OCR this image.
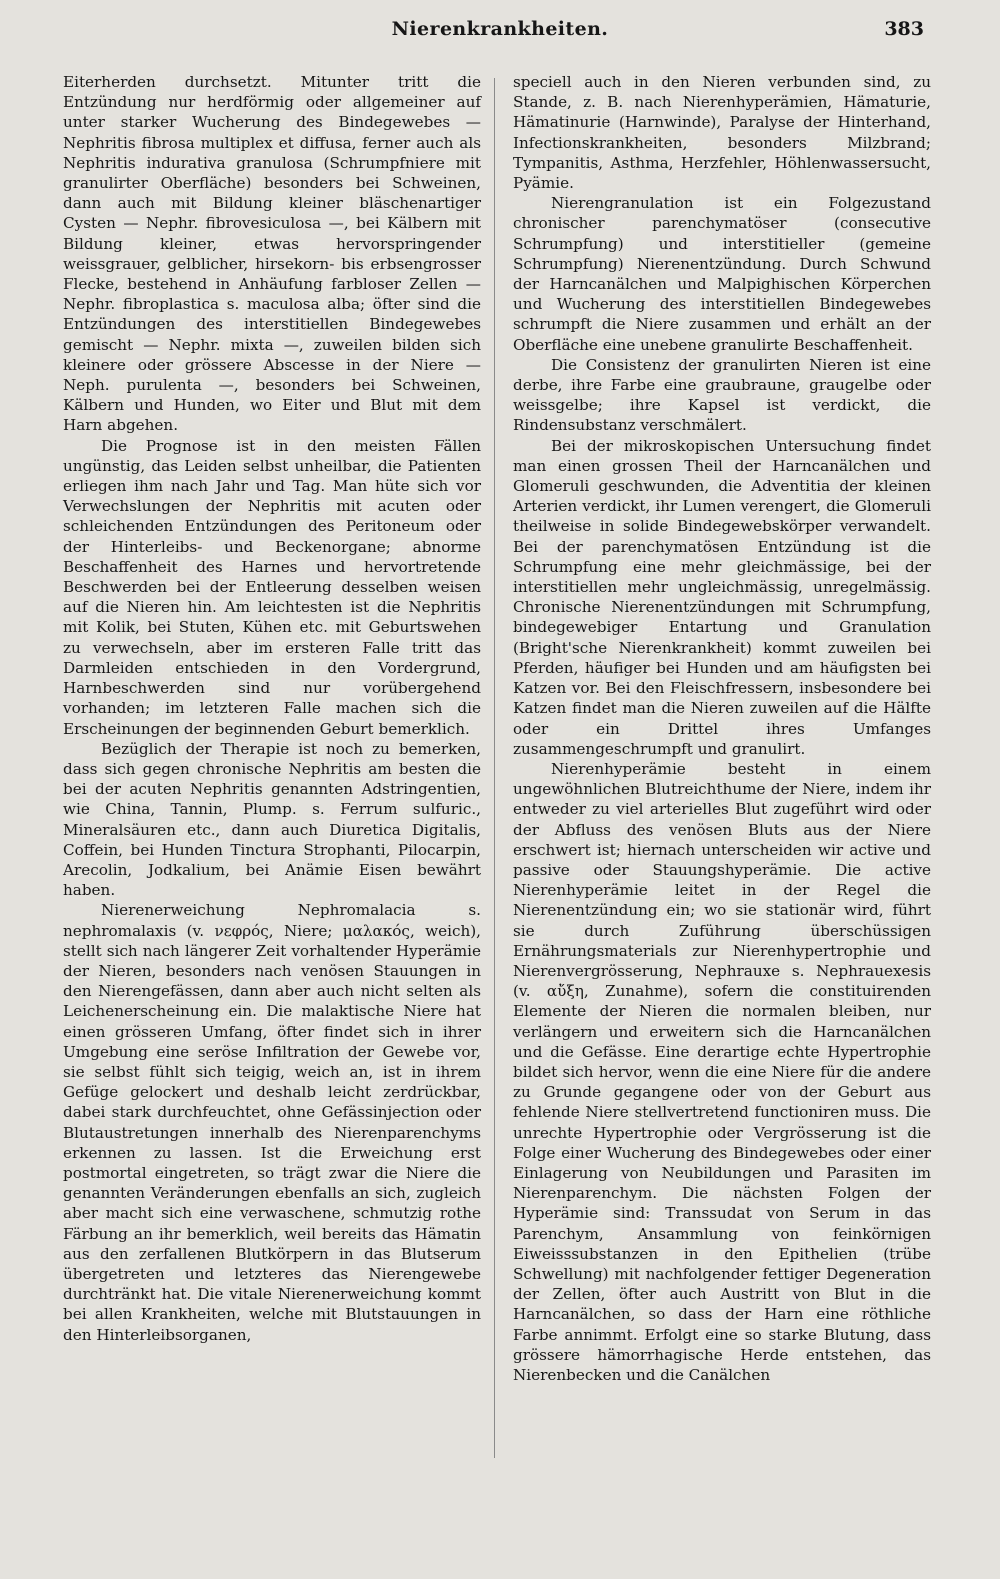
Nierenkrankheiten.	383

Eiterherden durchsetzt. Mitunter tritt die Entzündung nur herdförmig oder allgemeiner auf unter starker Wucherung des Bindegewebes — Nephritis fibrosa multiplex et diffusa, ferner auch als Nephritis indurativa granulosa (Schrumpfniere mit granulirter Oberfläche) besonders bei Schweinen, dann auch mit Bildung kleiner bläschenartiger Cysten — Nephr. fibrovesiculosa —, bei Kälbern mit Bildung kleiner, etwas hervorspringender weissgrauer, gelblicher, hirsekorn- bis erbsengrosser Flecke, bestehend in Anhäufung farbloser Zellen — Nephr. fibroplastica s. maculosa alba; öfter sind die Entzündungen des interstitiellen Bindegewebes gemischt — Nephr. mixta —, zuweilen bilden sich kleinere oder grössere Abscesse in der Niere — Neph. purulenta —, besonders bei Schweinen, Kälbern und Hunden, wo Eiter und Blut mit dem Harn abgehen.

Die Prognose ist in den meisten Fällen ungünstig, das Leiden selbst unheilbar, die Patienten erliegen ihm nach Jahr und Tag. Man hüte sich vor Verwechslungen der Nephritis mit acuten oder schleichenden Entzündungen des Peritoneum oder der Hinterleibs- und Beckenorgane; abnorme Beschaffenheit des Harnes und hervortretende Beschwerden bei der Entleerung desselben weisen auf die Nieren hin. Am leichtesten ist die Nephritis mit Kolik, bei Stuten, Kühen etc. mit Geburtswehen zu verwechseln, aber im ersteren Falle tritt das Darmleiden entschieden in den Vordergrund, Harnbeschwerden sind nur vorübergehend vorhanden; im letzteren Falle machen sich die Erscheinungen der beginnenden Geburt bemerklich.

Bezüglich der Therapie ist noch zu bemerken, dass sich gegen chronische Nephritis am besten die bei der acuten Nephritis genannten Adstringentien, wie China, Tannin, Plump. s. Ferrum sulfuric., Mineralsäuren etc., dann auch Diuretica Digitalis, Coffein, bei Hunden Tinctura Strophanti, Pilocarpin, Arecolin, Jodkalium, bei Anämie Eisen bewährt haben.

Nierenerweichung Nephromalacia s. nephromalaxis (v. νεφρός, Niere; μαλακός, weich), stellt sich nach längerer Zeit vorhaltender Hyperämie der Nieren, besonders nach venösen Stauungen in den Nierengefässen, dann aber auch nicht selten als Leichenerscheinung ein. Die malaktische Niere hat einen grösseren Umfang, öfter findet sich in ihrer Umgebung eine seröse Infiltration der Gewebe vor, sie selbst fühlt sich teigig, weich an, ist in ihrem Gefüge gelockert und deshalb leicht zerdrückbar, dabei stark durchfeuchtet, ohne Gefässinjection oder Blutaustretungen innerhalb des Nierenparenchyms erkennen zu lassen. Ist die Erweichung erst postmortal eingetreten, so trägt zwar die Niere die genannten Veränderungen ebenfalls an sich, zugleich aber macht sich eine verwaschene, schmutzig rothe Färbung an ihr bemerklich, weil bereits das Hämatin aus den zerfallenen Blutkörpern in das Blutserum übergetreten und letzteres das Nierengewebe durchtränkt hat. Die vitale Nierenerweichung kommt bei allen Krankheiten, welche mit Blutstauungen in den Hinterleibsorganen,

speciell auch in den Nieren verbunden sind, zu Stande, z. B. nach Nierenhyperämien, Hämaturie, Hämatinurie (Harnwinde), Paralyse der Hinterhand, Infectionskrankheiten, besonders Milzbrand; Tympanitis, Asthma, Herzfehler, Höhlenwassersucht, Pyämie.

Nierengranulation ist ein Folgezustand chronischer parenchymatöser (consecutive Schrumpfung) und interstitieller (gemeine Schrumpfung) Nierenentzündung. Durch Schwund der Harncanälchen und Malpighischen Körperchen und Wucherung des interstitiellen Bindegewebes schrumpft die Niere zusammen und erhält an der Oberfläche eine unebene granulirte Beschaffenheit.

Die Consistenz der granulirten Nieren ist eine derbe, ihre Farbe eine graubraune, graugelbe oder weissgelbe; ihre Kapsel ist verdickt, die Rindensubstanz verschmälert.

Bei der mikroskopischen Untersuchung findet man einen grossen Theil der Harncanälchen und Glomeruli geschwunden, die Adventitia der kleinen Arterien verdickt, ihr Lumen verengert, die Glomeruli theilweise in solide Bindegewebskörper verwandelt. Bei der parenchymatösen Entzündung ist die Schrumpfung eine mehr gleichmässige, bei der interstitiellen mehr ungleichmässig, unregelmässig. Chronische Nierenentzündungen mit Schrumpfung, bindegewebiger Entartung und Granulation (Bright'sche Nierenkrankheit) kommt zuweilen bei Pferden, häufiger bei Hunden und am häufigsten bei Katzen vor. Bei den Fleischfressern, insbesondere bei Katzen findet man die Nieren zuweilen auf die Hälfte oder ein Drittel ihres Umfanges zusammengeschrumpft und granulirt.

Nierenhyperämie besteht in einem ungewöhnlichen Blutreichthume der Niere, indem ihr entweder zu viel arterielles Blut zugeführt wird oder der Abfluss des venösen Bluts aus der Niere erschwert ist; hiernach unterscheiden wir active und passive oder Stauungshyperämie. Die active Nierenhyperämie leitet in der Regel die Nierenentzündung ein; wo sie stationär wird, führt sie durch Zuführung überschüssigen Ernährungsmaterials zur Nierenhypertrophie und Nierenvergrösserung, Nephrauxe s. Nephrauexesis (v. αὔξη, Zunahme), sofern die constituirenden Elemente der Nieren die normalen bleiben, nur verlängern und erweitern sich die Harncanälchen und die Gefässe. Eine derartige echte Hypertrophie bildet sich hervor, wenn die eine Niere für die andere zu Grunde gegangene oder von der Geburt aus fehlende Niere stellvertretend functioniren muss. Die unrechte Hypertrophie oder Vergrösserung ist die Folge einer Wucherung des Bindegewebes oder einer Einlagerung von Neubildungen und Parasiten im Nierenparenchym. Die nächsten Folgen der Hyperämie sind: Transsudat von Serum in das Parenchym, Ansammlung von feinkörnigen Eiweisssubstanzen in den Epithelien (trübe Schwellung) mit nachfolgender fettiger Degeneration der Zellen, öfter auch Austritt von Blut in die Harncanälchen, so dass der Harn eine röthliche Farbe annimmt. Erfolgt eine so starke Blutung, dass grössere hämorrhagische Herde entstehen, das Nierenbecken und die Canälchen
